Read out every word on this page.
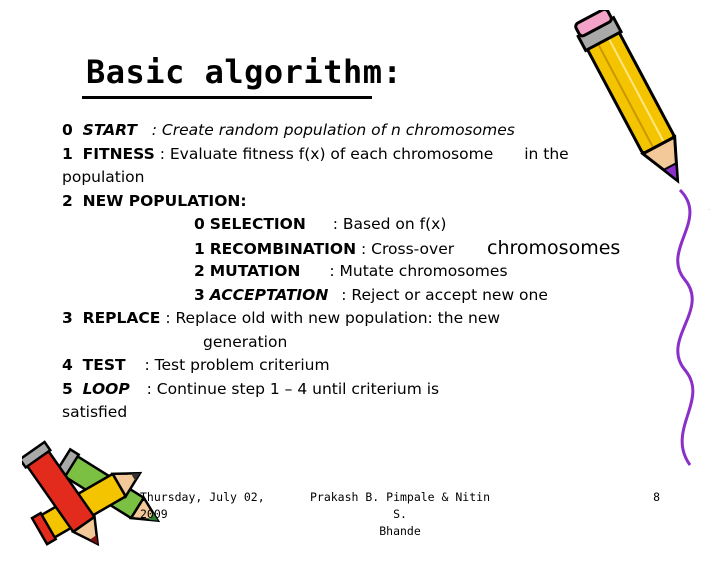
Basic algorithm:
0 START : Create random population of n chromosomes
1 FITNESS : Evaluate fitness f(x) of each chromosome in the
population
2 NEW POPULATION:
0 SELECTION : Based on f(x)
1 RECOMBINATION : Cross-over chromosomes
2 MUTATION : Mutate chromosomes
3 ACCEPTATION : Reject or accept new one
3 REPLACE : Replace old with new population: the new
generation
4 TEST : Test problem criterium
5 LOOP : Continue step 1 – 4 until criterium is
satisfied
Thursday, July 02,
2009
Prakash B. Pimpale & Nitin S.
Bhande
8
